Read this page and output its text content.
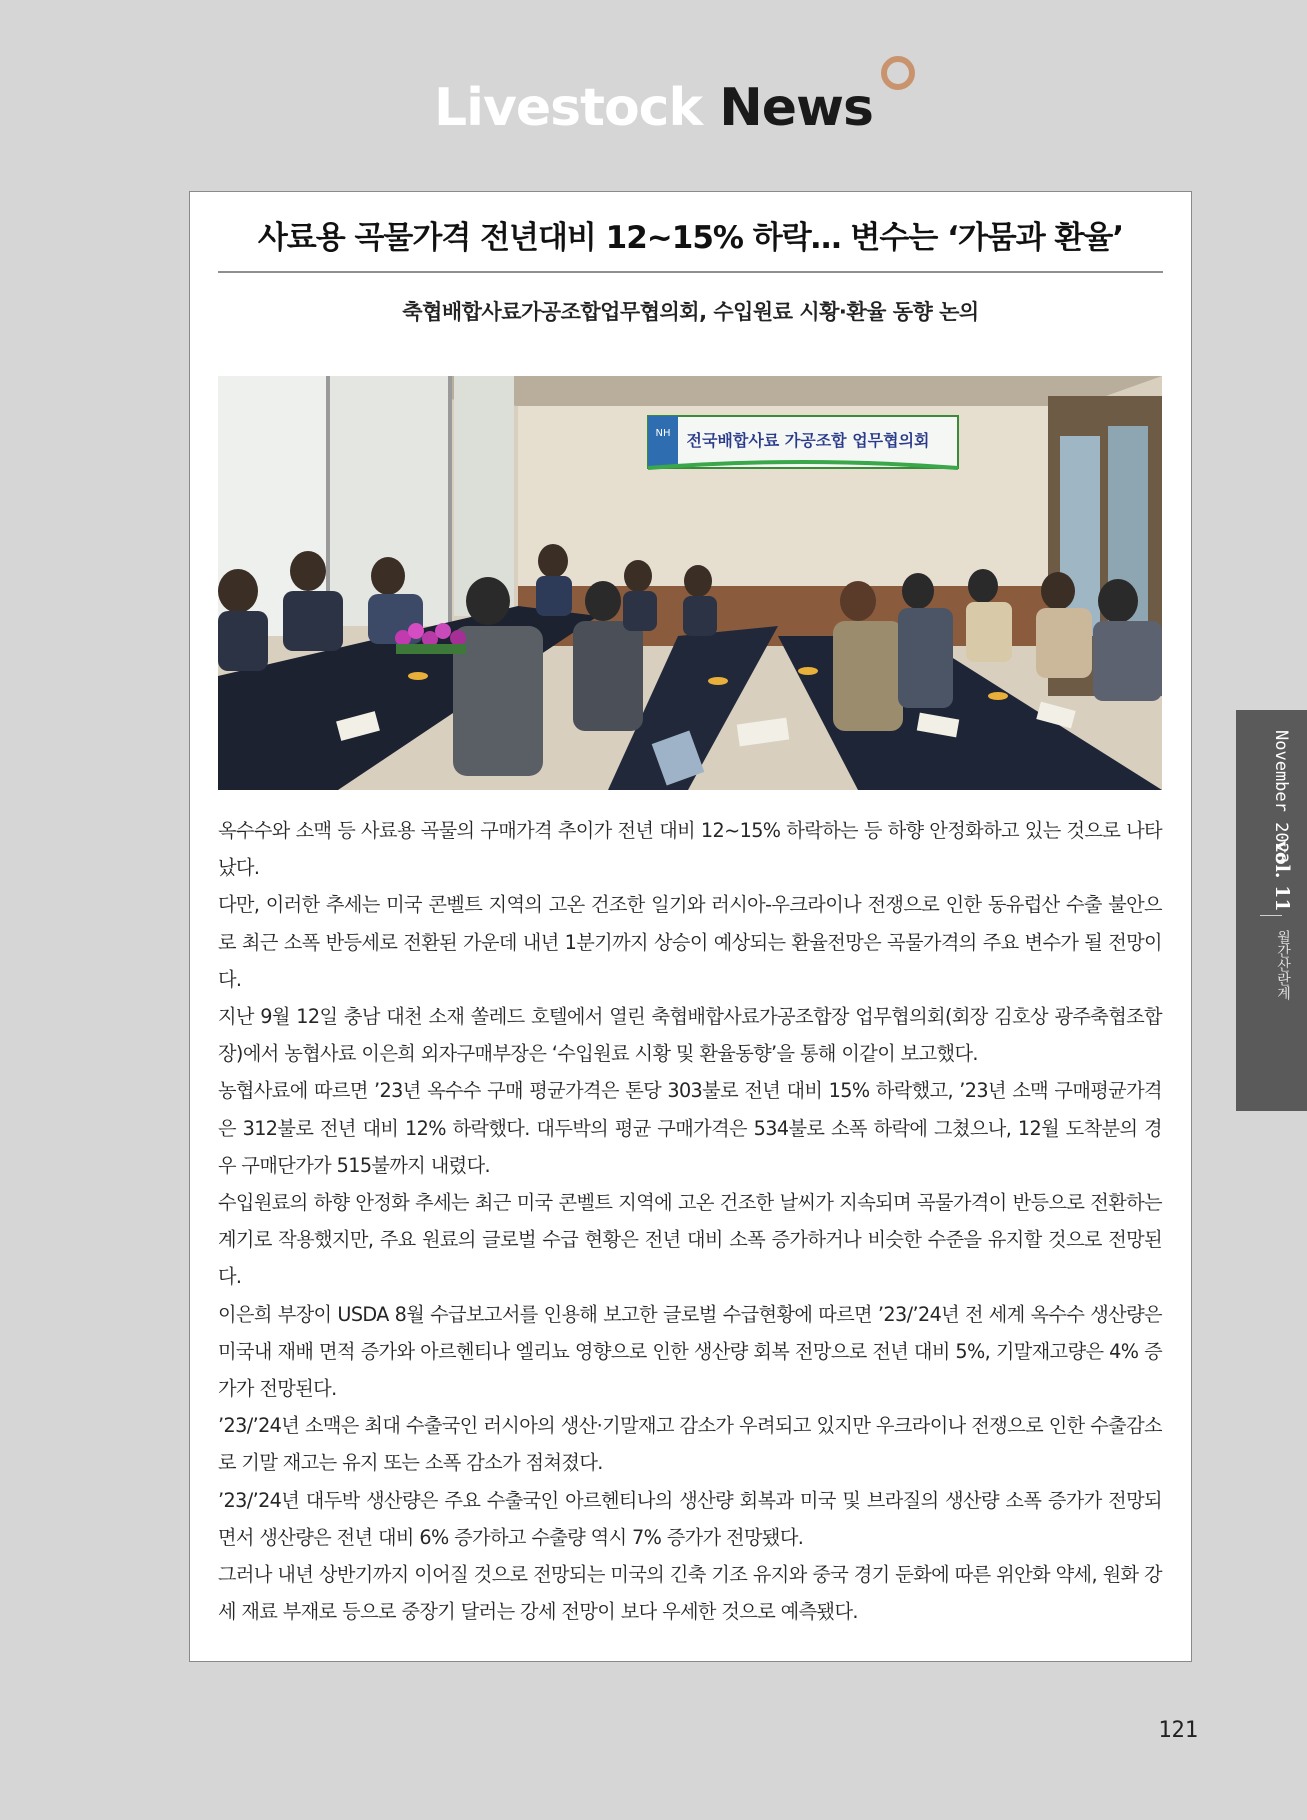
Livestock News
사료용 곡물가격 전년대비 12~15% 하락… 변수는 ‘가뭄과 환율’
축협배합사료가공조합업무협의회, 수입원료 시황·환율 동향 논의
NH 전국배합사료 가공조합 업무협의회

옥수수와 소맥 등 사료용 곡물의 구매가격 추이가 전년 대비 12~15% 하락하는 등 하향 안정화하고 있는 것으로 나타났다.

다만, 이러한 추세는 미국 콘벨트 지역의 고온 건조한 일기와 러시아-우크라이나 전쟁으로 인한 동유럽산 수출 불안으로 최근 소폭 반등세로 전환된 가운데 내년 1분기까지 상승이 예상되는 환율전망은 곡물가격의 주요 변수가 될 전망이다.

지난 9월 12일 충남 대천 소재 쏠레드 호텔에서 열린 축협배합사료가공조합장 업무협의회(회장 김호상 광주축협조합장)에서 농협사료 이은희 외자구매부장은 ‘수입원료 시황 및 환율동향’을 통해 이같이 보고했다.

농협사료에 따르면 ’23년 옥수수 구매 평균가격은 톤당 303불로 전년 대비 15% 하락했고, ’23년 소맥 구매평균가격은 312불로 전년 대비 12% 하락했다. 대두박의 평균 구매가격은 534불로 소폭 하락에 그쳤으나, 12월 도착분의 경우 구매단가가 515불까지 내렸다.

수입원료의 하향 안정화 추세는 최근 미국 콘벨트 지역에 고온 건조한 날씨가 지속되며 곡물가격이 반등으로 전환하는 계기로 작용했지만, 주요 원료의 글로벌 수급 현황은 전년 대비 소폭 증가하거나 비슷한 수준을 유지할 것으로 전망된다.

이은희 부장이 USDA 8월 수급보고서를 인용해 보고한 글로벌 수급현황에 따르면 ’23/’24년 전 세계 옥수수 생산량은 미국내 재배 면적 증가와 아르헨티나 엘리뇨 영향으로 인한 생산량 회복 전망으로 전년 대비 5%, 기말재고량은 4% 증가가 전망된다.

’23/’24년 소맥은 최대 수출국인 러시아의 생산·기말재고 감소가 우려되고 있지만 우크라이나 전쟁으로 인한 수출감소로 기말 재고는 유지 또는 소폭 감소가 점쳐졌다.

’23/’24년 대두박 생산량은 주요 수출국인 아르헨티나의 생산량 회복과 미국 및 브라질의 생산량 소폭 증가가 전망되면서 생산량은 전년 대비 6% 증가하고 수출량 역시 7% 증가가 전망됐다.

그러나 내년 상반기까지 이어질 것으로 전망되는 미국의 긴축 기조 유지와 중국 경기 둔화에 따른 위안화 약세, 원화 강세 재료 부재로 등으로 중장기 달러는 강세 전망이 보다 우세한 것으로 예측됐다.

November 2023
vol. 11
월간산란계
121
